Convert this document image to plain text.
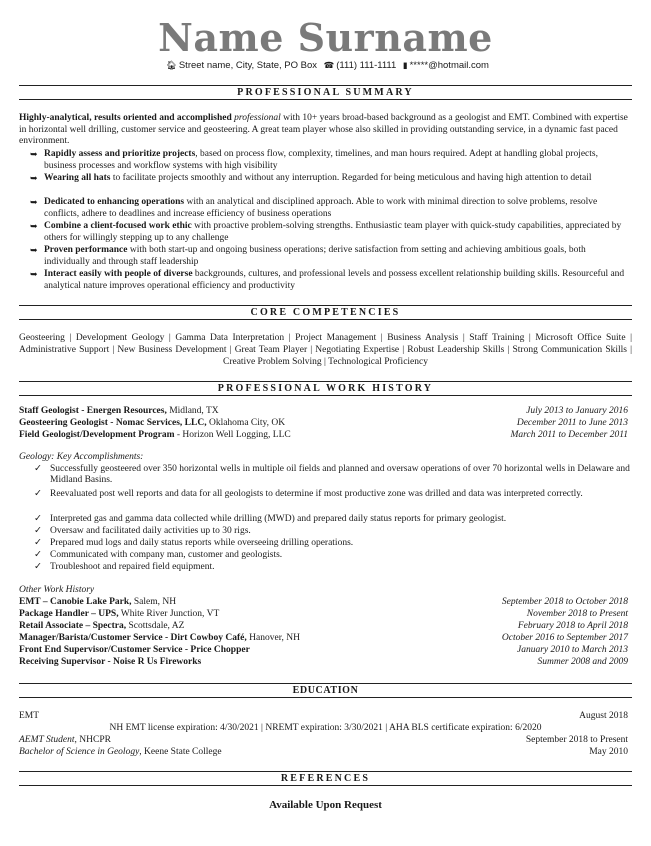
Name Surname
🏠︎ Street name, City, State, PO Box ☎ (111) 111-1111 ▮ *****@hotmail.com
PROFESSIONAL SUMMARY
Highly-analytical, results oriented and accomplished professional with 10+ years broad-based background as a geologist and EMT. Combined with expertise in horizontal well drilling, customer service and geosteering. A great team player whose also skilled in providing outstanding service, in a dynamic fast paced environment.
➥ Rapidly assess and prioritize projects, based on process flow, complexity, timelines, and man hours required. Adept at handling global projects, business processes and workflow systems with high visibility
➥ Wearing all hats to facilitate projects smoothly and without any interruption. Regarded for being meticulous and having high attention to detail
➥ Dedicated to enhancing operations with an analytical and disciplined approach. Able to work with minimal direction to solve problems, resolve conflicts, adhere to deadlines and increase efficiency of business operations
➥ Combine a client-focused work ethic with proactive problem-solving strengths. Enthusiastic team player with quick-study capabilities, appreciated by others for willingly stepping up to any challenge
➥ Proven performance with both start-up and ongoing business operations; derive satisfaction from setting and achieving ambitious goals, both individually and through staff leadership
➥ Interact easily with people of diverse backgrounds, cultures, and professional levels and possess excellent relationship building skills. Resourceful and analytical nature improves operational efficiency and productivity
CORE COMPETENCIES
Geosteering | Development Geology | Gamma Data Interpretation | Project Management | Business Analysis | Staff Training | Microsoft Office Suite | Administrative Support | New Business Development | Great Team Player | Negotiating Expertise | Robust Leadership Skills | Strong Communication Skills | Creative Problem Solving | Technological Proficiency
PROFESSIONAL WORK HISTORY
Staff Geologist - Energen Resources, Midland, TX	July 2013 to January 2016
Geosteering Geologist - Nomac Services, LLC, Oklahoma City, OK	December 2011 to June 2013
Field Geologist/Development Program - Horizon Well Logging, LLC	March 2011 to December 2011
Geology: Key Accomplishments:
✓ Successfully geosteered over 350 horizontal wells in multiple oil fields and planned and oversaw operations of over 70 horizontal wells in Delaware and Midland Basins.
✓ Reevaluated post well reports and data for all geologists to determine if most productive zone was drilled and data was interpreted correctly.
✓ Interpreted gas and gamma data collected while drilling (MWD) and prepared daily status reports for primary geologist.
✓ Oversaw and facilitated daily activities up to 30 rigs.
✓ Prepared mud logs and daily status reports while overseeing drilling operations.
✓ Communicated with company man, customer and geologists.
✓ Troubleshoot and repaired field equipment.
Other Work History
EMT – Canobie Lake Park, Salem, NH	September 2018 to October 2018
Package Handler – UPS, White River Junction, VT	November 2018 to Present
Retail Associate – Spectra, Scottsdale, AZ	February 2018 to April 2018
Manager/Barista/Customer Service - Dirt Cowboy Café, Hanover, NH	October 2016 to September 2017
Front End Supervisor/Customer Service - Price Chopper	January 2010 to March 2013
Receiving Supervisor - Noise R Us Fireworks	Summer 2008 and 2009
EDUCATION
EMT	August 2018
NH EMT license expiration: 4/30/2021 | NREMT expiration: 3/30/2021 | AHA BLS certificate expiration: 6/2020
AEMT Student, NHCPR	September 2018 to Present
Bachelor of Science in Geology, Keene State College	May 2010
REFERENCES
Available Upon Request
